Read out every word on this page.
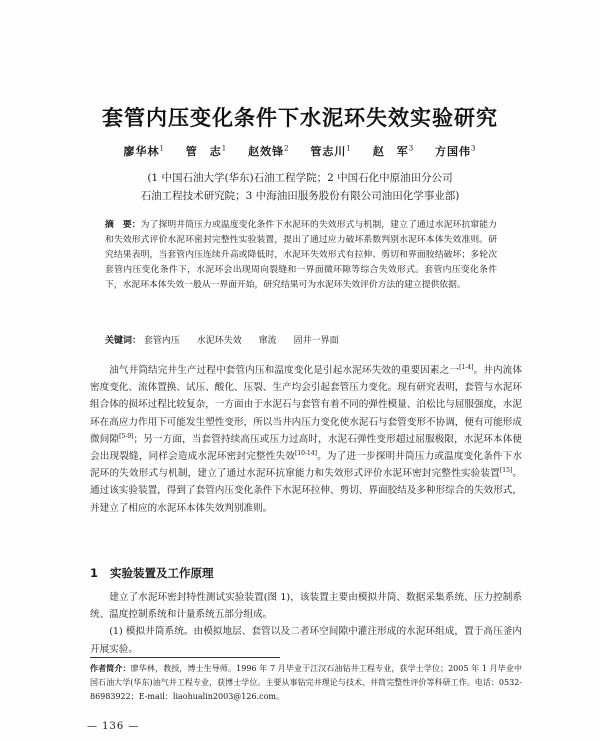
套管内压变化条件下水泥环失效实验研究
廖华林$^1$ 管　志$^1$ 赵效锋$^2$ 管志川$^1$ 赵　军$^3$ 方国伟$^3$
(1 中国石油大学(华东)石油工程学院；2 中国石化中原油田分公司
石油工程技术研究院；3 中海油田服务股份有限公司油田化学事业部)
摘　要：为了探明井筒压力或温度变化条件下水泥环的失效形式与机制，建立了通过水泥环抗窜能力和失效形式评价水泥环密封完整性实验装置，提出了通过应力破坏系数判别水泥环本体失效准则。研究结果表明，当套管内压连续升高或降低时，水泥环失效形式有拉伸、剪切和界面胶结破坏；多轮次套管内压变化条件下，水泥环会出现周向裂缝和一界面微环隙等综合失效形式。套管内压变化条件下，水泥环本体失效一般从一界面开始，研究结果可为水泥环失效评价方法的建立提供依据。
关键词： 套管内压 水泥环失效 窜流 固井一界面

油气井筒结完井生产过程中套管内压和温度变化是引起水泥环失效的重要因素之一[1-4]。井内流体密度变化、流体置换、试压、酸化、压裂、生产均会引起套管压力变化。现有研究表明，套管与水泥环组合体的损坏过程比较复杂，一方面由于水泥石与套管有着不同的弹性模量、泊松比与屈服强度，水泥环在高应力作用下可能发生塑性变形，所以当井内压力变化使水泥石与套管变形不协调，便有可能形成微间隙[5-9]；另一方面，当套管持续高压或压力过高时，水泥石弹性变形超过屈服极限，水泥环本体便会出现裂缝，同样会造成水泥环密封完整性失效[10-14]。为了进一步探明井筒压力或温度变化条件下水泥环的失效形式与机制，建立了通过水泥环抗窜能力和失效形式评价水泥环密封完整性实验装置[15]。通过该实验装置，得到了套管内压变化条件下水泥环拉伸、剪切、界面胶结及多种形综合的失效形式，并建立了相应的水泥环本体失效判别准则。

1 实验装置及工作原理

建立了水泥环密封特性测试实验装置(图 1)，该装置主要由模拟井筒、数据采集系统、压力控制系统、温度控制系统和计量系统五部分组成。

(1) 模拟井筒系统。由模拟地层、套管以及二者环空间隙中灌注形成的水泥环组成，置于高压釜内开展实验。

作者简介：廖华林，教授，博士生导师。1996 年 7 月毕业于江汉石油钻井工程专业，获学士学位；2005 年 1 月毕业中国石油大学(华东)油气井工程专业，获博士学位。主要从事钻完井理论与技术、井筒完整性评价等科研工作。电话：0532-86983922；E-mail：liaohualin2003@126.com。
— 136 —
